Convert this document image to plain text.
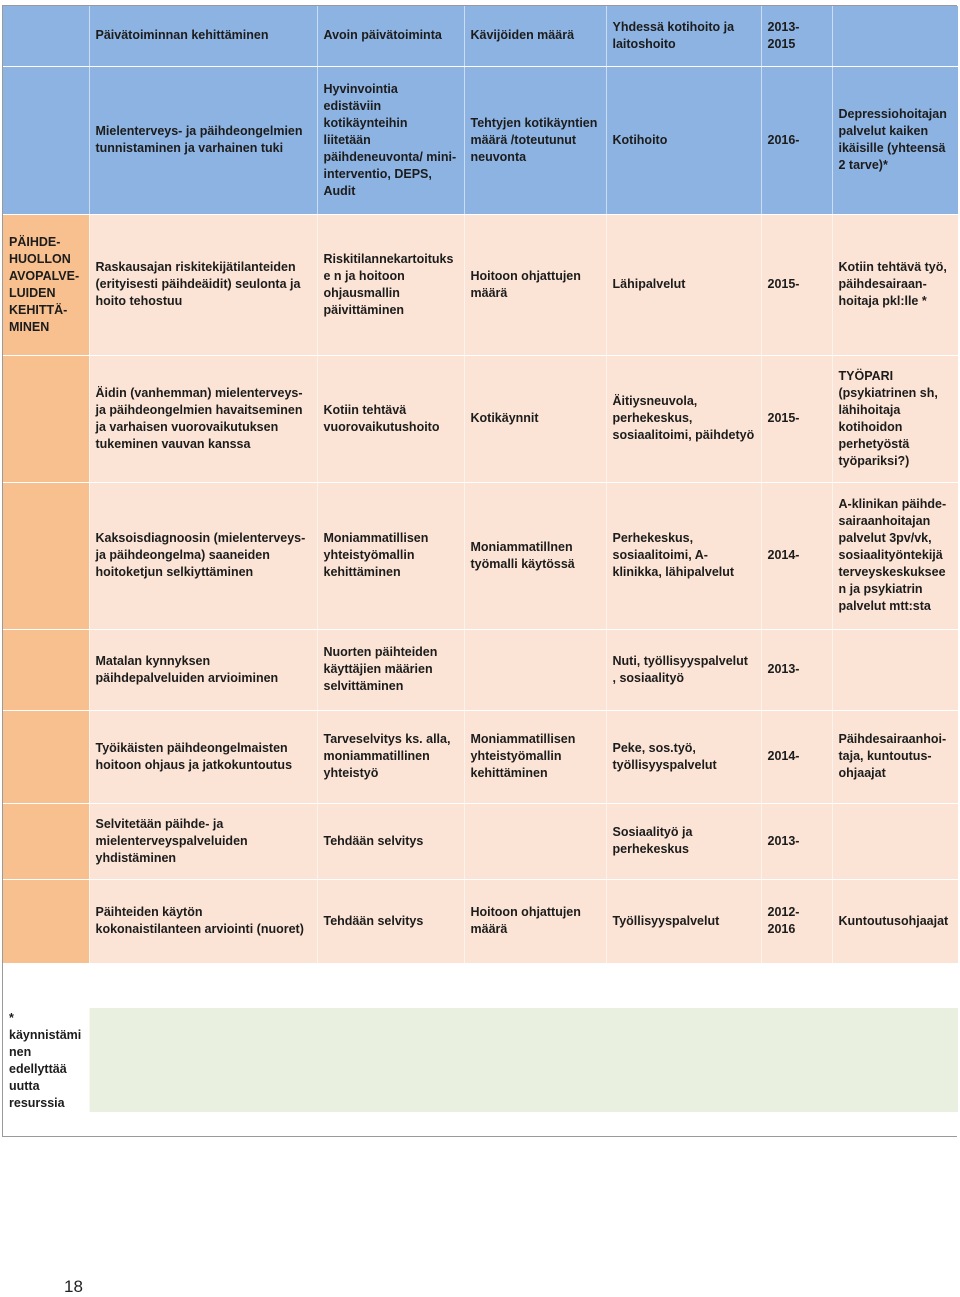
	Päivätoiminnan kehittäminen	Avoin päivätoiminta	Kävijöiden määrä	Yhdessä kotihoito ja laitoshoito	2013-2015	
	Mielenterveys- ja päihdeongelmien tunnistaminen ja varhainen tuki	Hyvinvointia edistäviin kotikäynteihin liitetään päihdeneuvonta/ mini-interventio, DEPS, Audit	Tehtyjen kotikäyntien määrä /toteutunut neuvonta	Kotihoito	2016-	Depressiohoitajan palvelut kaiken ikäisille (yhteensä 2 tarve)*
PÄIHDE-HUOLLON AVOPALVE-LUIDEN KEHITTÄ-MINEN	Raskausajan riskitekijätilanteiden (erityisesti päihdeäidit) seulonta ja hoito tehostuu	Riskitilannekartoitukse n ja hoitoon ohjausmallin päivittäminen	Hoitoon ohjattujen määrä	Lähipalvelut	2015-	Kotiin tehtävä työ, päihdesairaan-hoitaja pkl:lle *
	Äidin (vanhemman) mielenterveys- ja päihdeongelmien havaitseminen ja varhaisen vuorovaikutuksen tukeminen vauvan kanssa	Kotiin tehtävä vuorovaikutushoito	Kotikäynnit	Äitiysneuvola, perhekeskus, sosiaalitoimi, päihdetyö	2015-	TYÖPARI (psykiatrinen sh, lähihoitaja kotihoidon perhetyöstä työpariksi?)
	Kaksoisdiagnoosin (mielenterveys- ja päihdeongelma) saaneiden hoitoketjun selkiyttäminen	Moniammatillisen yhteistyömallin kehittäminen	Moniammatillnen työmalli käytössä	Perhekeskus, sosiaalitoimi, A-klinikka, lähipalvelut	2014-	A-klinikan päihde-sairaanhoitajan palvelut 3pv/vk, sosiaalityöntekijä terveyskeskukseen ja psykiatrin palvelut mtt:sta
	Matalan kynnyksen päihdepalveluiden arvioiminen	Nuorten päihteiden käyttäjien määrien selvittäminen		Nuti, työllisyyspalvelut , sosiaalityö	2013-	
	Työikäisten päihdeongelmaisten hoitoon ohjaus ja jatkokuntoutus	Tarveselvitys ks. alla, moniammatillinen yhteistyö	Moniammatillisen yhteistyömallin kehittäminen	Peke, sos.työ, työllisyyspalvelut	2014-	Päihdesairaanhoi-taja, kuntoutus-ohjaajat
	Selvitetään päihde- ja mielenterveyspalveluiden yhdistäminen	Tehdään selvitys		Sosiaalityö ja perhekeskus	2013-	
	Päihteiden käytön kokonaistilanteen arviointi (nuoret)	Tehdään selvitys	Hoitoon ohjattujen määrä	Työllisyyspalvelut	2012-2016	Kuntoutusohjaajat

* käynnistämi nen edellyttää uutta resurssia						

18
